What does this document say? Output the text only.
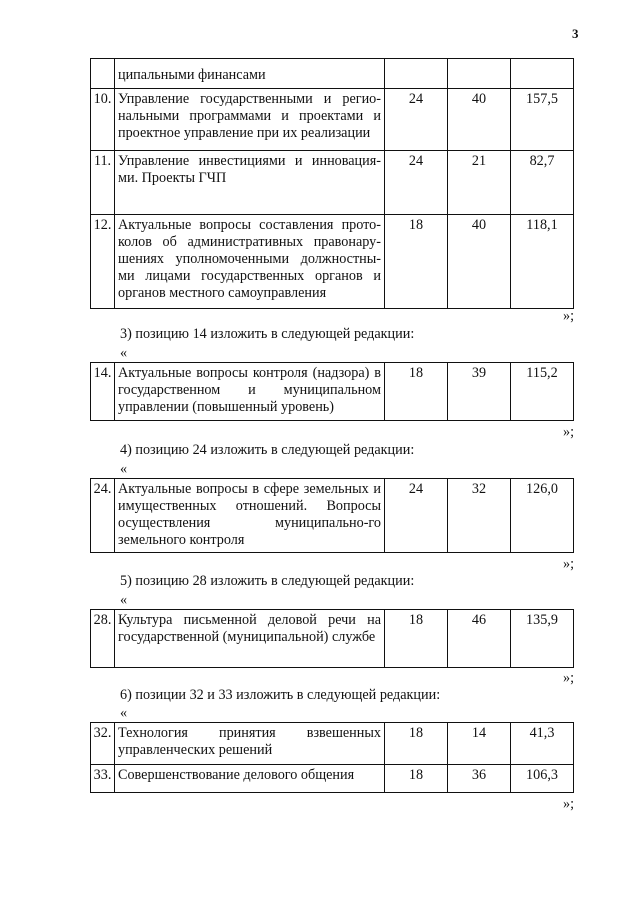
3
	ципальными финансами			
10.	Управление государственными и регио-нальными программами и проектами и проектное управление при их реализации	24	40	157,5
11.	Управление инвестициями и инновация-ми. Проекты ГЧП	24	21	82,7
12.	Актуальные вопросы составления прото-колов об административных правонару-шениях уполномоченными должностны-ми лицами государственных органов и органов местного самоуправления	18	40	118,1
»;
3) позицию 14 изложить в следующей редакции:
«
14.	Актуальные вопросы контроля (надзора) в государственном и муниципальном управлении (повышенный уровень)	18	39	115,2
»;
4) позицию 24 изложить в следующей редакции:
«
24.	Актуальные вопросы в сфере земельных и имущественных отношений. Вопросы осуществления муниципально-го земельного контроля	24	32	126,0
»;
5) позицию 28 изложить в следующей редакции:
«
28.	Культура письменной деловой речи на государственной (муниципальной) службе	18	46	135,9
»;
6) позиции 32 и 33 изложить в следующей редакции:
«
32.	Технология принятия взвешенных управленческих решений	18	14	41,3
33.	Совершенствование делового общения	18	36	106,3
»;
